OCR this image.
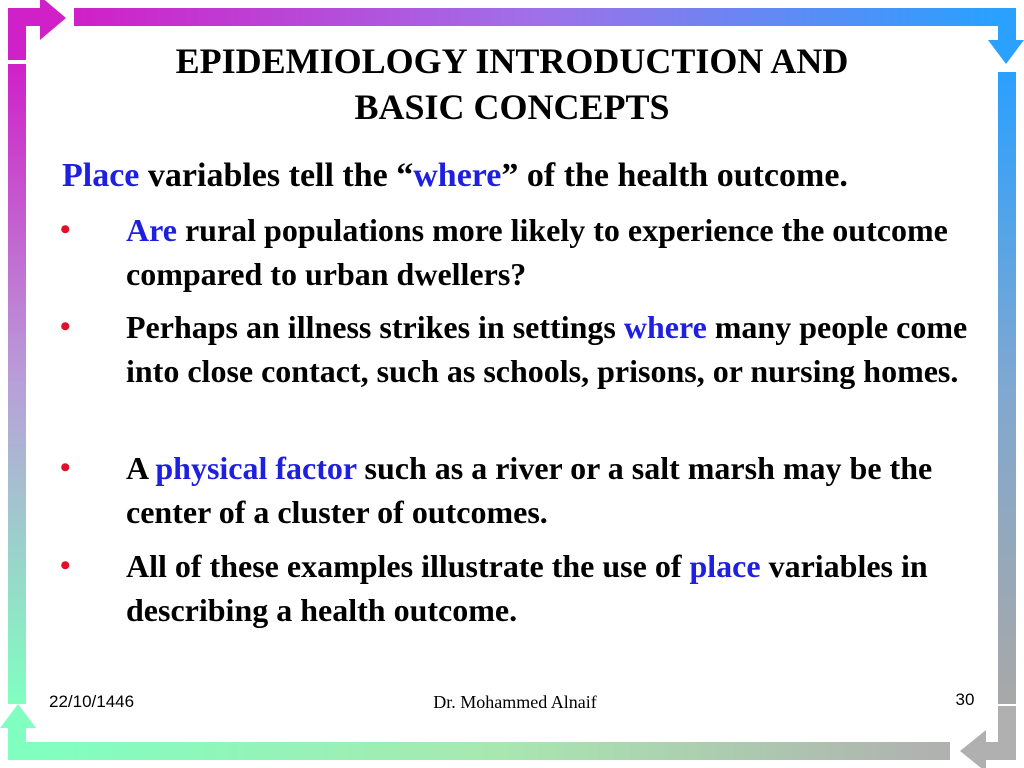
EPIDEMIOLOGY INTRODUCTION AND
BASIC CONCEPTS
Place variables tell the “where” of the health outcome.
• Are rural populations more likely to experience the outcome compared to urban dwellers?
• Perhaps an illness strikes in settings where many people come into close contact, such as schools, prisons, or nursing homes.
• A physical factor such as a river or a salt marsh may be the center of a cluster of outcomes.
• All of these examples illustrate the use of place variables in describing a health outcome.
22/10/1446	Dr. Mohammed Alnaif	30
